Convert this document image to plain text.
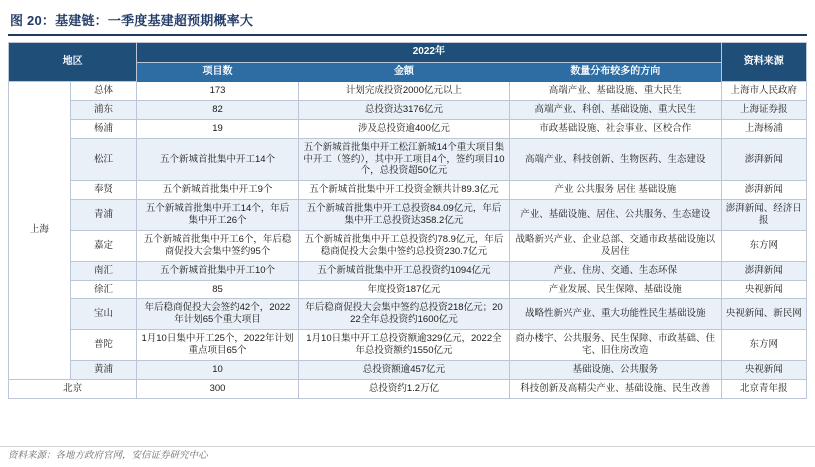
图 20：基建链：一季度基建超预期概率大
地区		2022年			资料来源
		项目数	金额	数量分布较多的方向	
上海	总体	173	计划完成投资2000亿元以上	高端产业、基础设施、重大民生	上海市人民政府
	浦东	82	总投资达3176亿元	高端产业、科创、基础设施、重大民生	上海证券报
	杨浦	19	涉及总投资逾400亿元	市政基础设施、社会事业、区校合作	上海杨浦
	松江	五个新城首批集中开工14个	五个新城首批集中开工松江新城14个重大项目集中开工（签约），其中开工项目4个，签约项目10个，总投资超50亿元	高端产业、科技创新、生物医药、生态建设	澎湃新闻
	奉贤	五个新城首批集中开工9个	五个新城首批集中开工投资金额共计89.3亿元	产业 公共服务 居住 基础设施	澎湃新闻
	青浦	五个新城首批集中开工14个，年后集中开工26个	五个新城首批集中开工总投资84.09亿元，年后集中开工总投资达358.2亿元	产业、基础设施、居住、公共服务、生态建设	澎湃新闻、经济日报
	嘉定	五个新城首批集中开工6个，年后稳商促投大会集中签约95个	五个新城首批集中开工总投资约78.9亿元，年后稳商促投大会集中签约总投资230.7亿元	战略新兴产业、企业总部、交通市政基础设施以及居住	东方网
	南汇	五个新城首批集中开工10个	五个新城首批集中开工总投资约1094亿元	产业、住房、交通、生态环保	澎湃新闻
	徐汇	85	年度投资187亿元	产业发展、民生保障、基础设施	央视新闻
	宝山	年后稳商促投大会签约42个，2022年计划65个重大项目	年后稳商促投大会集中签约总投资218亿元；2022全年总投资约1600亿元	战略性新兴产业、重大功能性民生基础设施	央视新闻、新民网
	普陀	1月10日集中开工25个，2022年计划重点项目65个	1月10日集中开工总投资额逾329亿元，2022全年总投资额约1550亿元	商办楼宇、公共服务、民生保障、市政基础、住宅、旧住房改造	东方网
	黄浦	10	总投资额逾457亿元	基础设施、公共服务	央视新闻
北京		300	总投资约1.2万亿	科技创新及高精尖产业、基础设施、民生改善	北京青年报
资料来源：各地方政府官网，安信证券研究中心
